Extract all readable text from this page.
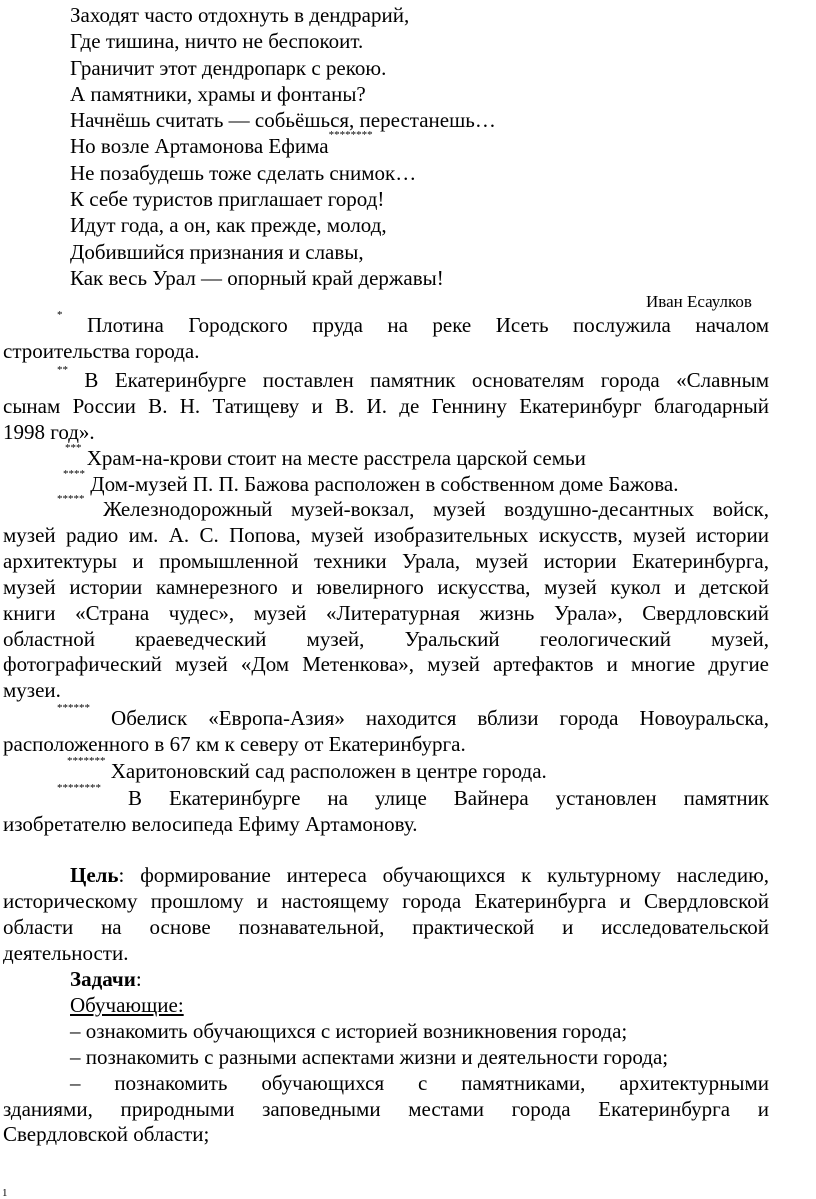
Заходят часто отдохнуть в дендрарий,
Где тишина, ничто не беспокоит.
Граничит этот дендропарк с рекою.
А памятники, храмы и фонтаны?
Начнёшь считать — собьёшься, перестанешь…
Но возле Артамонова Ефима********
Не позабудешь тоже сделать снимок…
К себе туристов приглашает город!
Идут года, а он, как прежде, молод,
Добившийся признания и славы,
Как весь Урал — опорный край державы!
Иван Есаулков
* Плотина Городского пруда на реке Исеть послужила началом
строительства города.
** В Екатеринбурге поставлен памятник основателям города «Славным
сынам России В. Н. Татищеву и В. И. де Геннину Екатеринбург благодарный
1998 год».
*** Храм-на-крови стоит на месте расстрела царской семьи
**** Дом-музей П. П. Бажова расположен в собственном доме Бажова.
***** Железнодорожный музей-вокзал, музей воздушно-десантных войск,
музей радио им. А. С. Попова, музей изобразительных искусств, музей истории
архитектуры и промышленной техники Урала, музей истории Екатеринбурга,
музей истории камнерезного и ювелирного искусства, музей кукол и детской
книги «Страна чудес», музей «Литературная жизнь Урала», Свердловский
областной краеведческий музей, Уральский геологический музей,
фотографический музей «Дом Метенкова», музей артефактов и многие другие
музеи.
****** Обелиск «Европа-Азия» находится вблизи города Новоуральска,
расположенного в 67 км к северу от Екатеринбурга.
******* Харитоновский сад расположен в центре города.
******** В Екатеринбурге на улице Вайнера установлен памятник
изобретателю велосипеда Ефиму Артамонову.
Цель: формирование интереса обучающихся к культурному наследию,
историческому прошлому и настоящему города Екатеринбурга и Свердловской
области на основе познавательной, практической и исследовательской
деятельности.
Задачи:
Обучающие:
– ознакомить обучающихся с историей возникновения города;
– познакомить с разными аспектами жизни и деятельности города;
– познакомить обучающихся с памятниками, архитектурными
зданиями, природными заповедными местами города Екатеринбурга и
Свердловской области;
1
